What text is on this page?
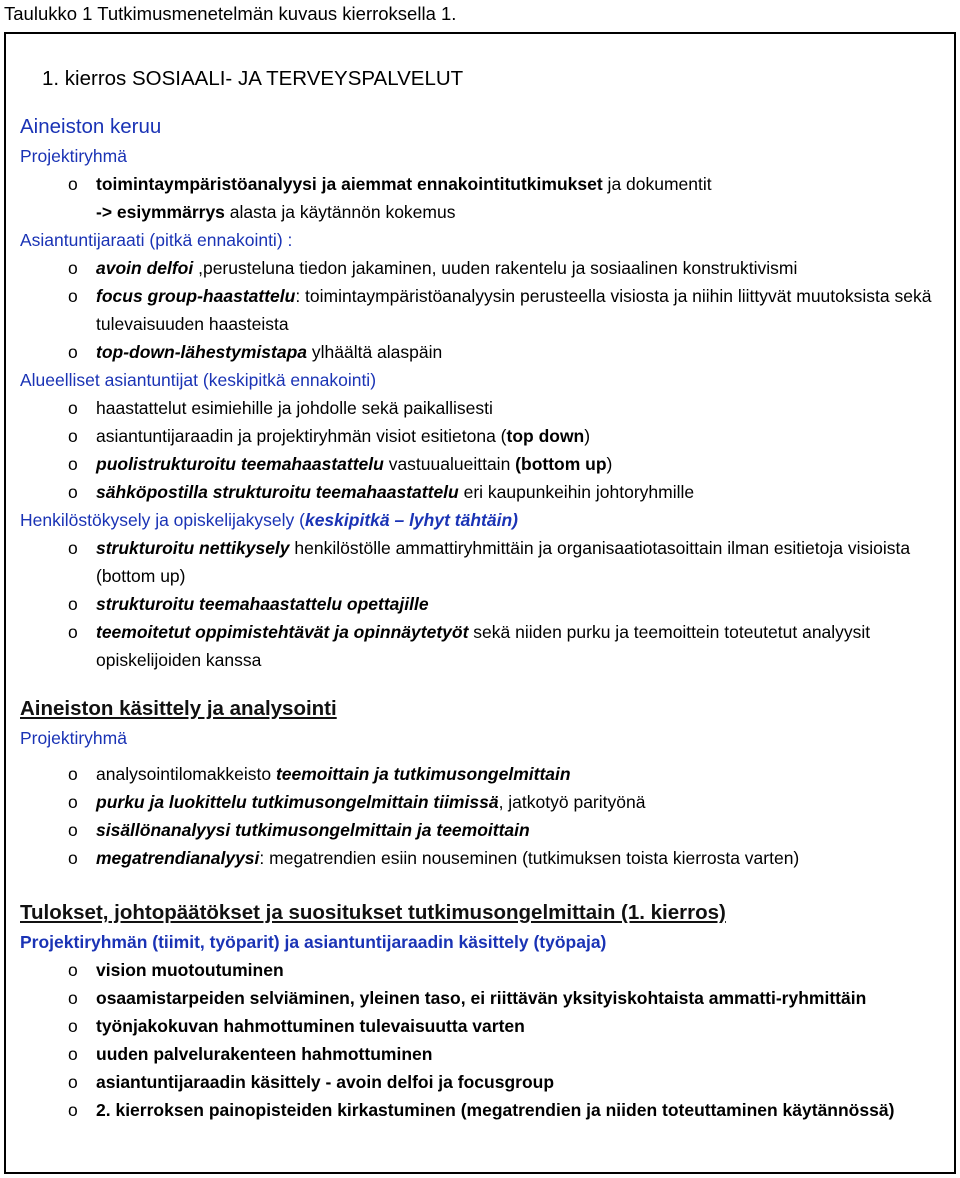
Taulukko 1 Tutkimusmenetelmän kuvaus kierroksella 1.
1. kierros SOSIAALI- JA TERVEYSPALVELUT
Aineiston keruu
Projektiryhmä
o toimintaympäristöanalyysi ja aiemmat ennakointitutkimukset ja dokumentit
-> esiymmärrys alasta ja käytännön kokemus
Asiantuntijaraati (pitkä ennakointi) :
o avoin delfoi ,perusteluna tiedon jakaminen, uuden rakentelu ja sosiaalinen konstruktivismi
o focus group-haastattelu: toimintaympäristöanalyysin perusteella visiosta ja niihin liittyvät muutoksista sekä tulevaisuuden haasteista
o top-down-lähestymistapa ylhäältä alaspäin
Alueelliset asiantuntijat (keskipitkä ennakointi)
o haastattelut esimiehille ja johdolle sekä paikallisesti
o asiantuntijaraadin ja projektiryhmän visiot esitietona (top down)
o puolistrukturoitu teemahaastattelu vastuualueittain (bottom up)
o sähköpostilla strukturoitu teemahaastattelu eri kaupunkeihin johtoryhmille
Henkilöstökysely ja opiskelijakysely (keskipitkä – lyhyt tähtäin)
o strukturoitu nettikysely henkilöstölle ammattiryhmittäin ja organisaatiotasoittain ilman esitietoja visioista (bottom up)
o strukturoitu teemahaastattelu opettajille
o teemoitetut oppimistehtävät ja opinnäytetyöt sekä niiden purku ja teemoittein toteutetut analyysit opiskelijoiden kanssa
Aineiston käsittely ja analysointi
Projektiryhmä
o analysointilomakkeisto teemoittain ja tutkimusongelmittain
o purku ja luokittelu tutkimusongelmittain tiimissä, jatkotyö parityönä
o sisällönanalyysi tutkimusongelmittain ja teemoittain
o megatrendianalyysi: megatrendien esiin nouseminen (tutkimuksen toista kierrosta varten)
Tulokset, johtopäätökset ja suositukset tutkimusongelmittain (1. kierros)
Projektiryhmän (tiimit, työparit) ja asiantuntijaraadin käsittely (työpaja)
o vision muotoutuminen
o osaamistarpeiden selviäminen, yleinen taso, ei riittävän yksityiskohtaista ammatti-ryhmittäin
o työnjakokuvan hahmottuminen tulevaisuutta varten
o uuden palvelurakenteen hahmottuminen
o asiantuntijaraadin käsittely - avoin delfoi ja focusgroup
o 2. kierroksen painopisteiden kirkastuminen (megatrendien ja niiden toteuttaminen käytännössä)
